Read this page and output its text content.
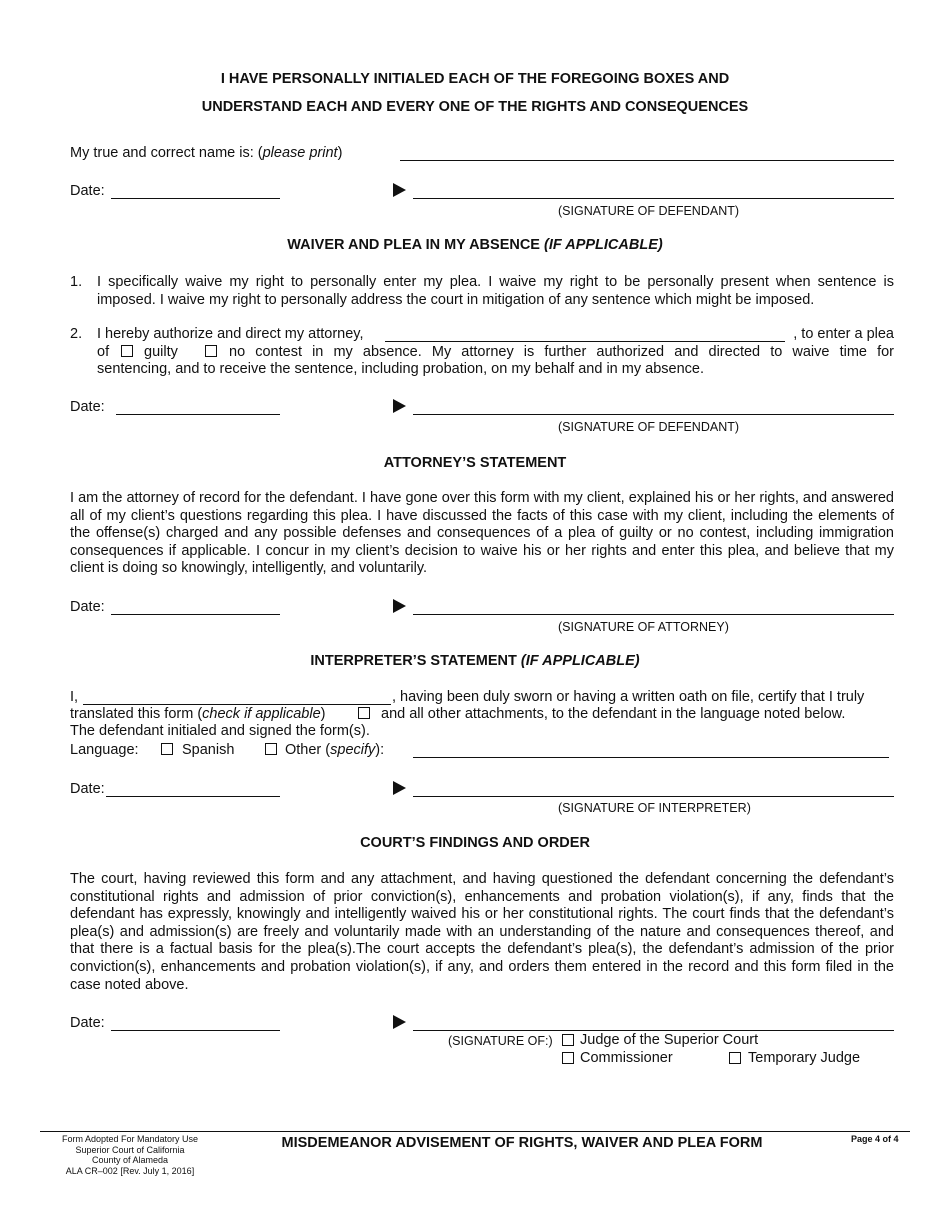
I HAVE PERSONALLY INITIALED EACH OF THE FOREGOING BOXES AND
UNDERSTAND EACH AND EVERY ONE OF THE RIGHTS AND CONSEQUENCES
My true and correct name is: (please print)
Date:
(SIGNATURE OF DEFENDANT)
WAIVER AND PLEA IN MY ABSENCE (IF APPLICABLE)
1. I specifically waive my right to personally enter my plea. I waive my right to be personally present when sentence is imposed. I waive my right to personally address the court in mitigation of any sentence which might be imposed.
2. I hereby authorize and direct my attorney,	, to enter a plea
of guilty	no contest in my absence. My attorney is further authorized and directed to waive time for
sentencing, and to receive the sentence, including probation, on my behalf and in my absence.
Date:
(SIGNATURE OF DEFENDANT)
ATTORNEY’S STATEMENT
I am the attorney of record for the defendant. I have gone over this form with my client, explained his or her rights, and answered all of my client’s questions regarding this plea. I have discussed the facts of this case with my client, including the elements of the offense(s) charged and any possible defenses and consequences of a plea of guilty or no contest, including immigration consequences if applicable. I concur in my client’s decision to waive his or her rights and enter this plea, and believe that my client is doing so knowingly, intelligently, and voluntarily.
Date:
(SIGNATURE OF ATTORNEY)
INTERPRETER’S STATEMENT (IF APPLICABLE)
I,	, having been duly sworn or having a written oath on file, certify that I truly
translated this form (check if applicable)	and all other attachments, to the defendant in the language noted below.
The defendant initialed and signed the form(s).
Language:	Spanish	Other (specify):
Date:
(SIGNATURE OF INTERPRETER)
COURT’S FINDINGS AND ORDER
The court, having reviewed this form and any attachment, and having questioned the defendant concerning the defendant’s constitutional rights and admission of prior conviction(s), enhancements and probation violation(s), if any, finds that the defendant has expressly, knowingly and intelligently waived his or her constitutional rights. The court finds that the defendant’s plea(s) and admission(s) are freely and voluntarily made with an understanding of the nature and consequences thereof, and that there is a factual basis for the plea(s).The court accepts the defendant’s plea(s), the defendant’s admission of the prior conviction(s), enhancements and probation violation(s), if any, and orders them entered in the record and this form filed in the case noted above.
Date:
(SIGNATURE OF:) Judge of the Superior Court
Commissioner	Temporary Judge
Form Adopted For Mandatory Use
Superior Court of California
County of Alameda
ALA CR–002 [Rev. July 1, 2016]
MISDEMEANOR ADVISEMENT OF RIGHTS, WAIVER AND PLEA FORM	Page 4 of 4
